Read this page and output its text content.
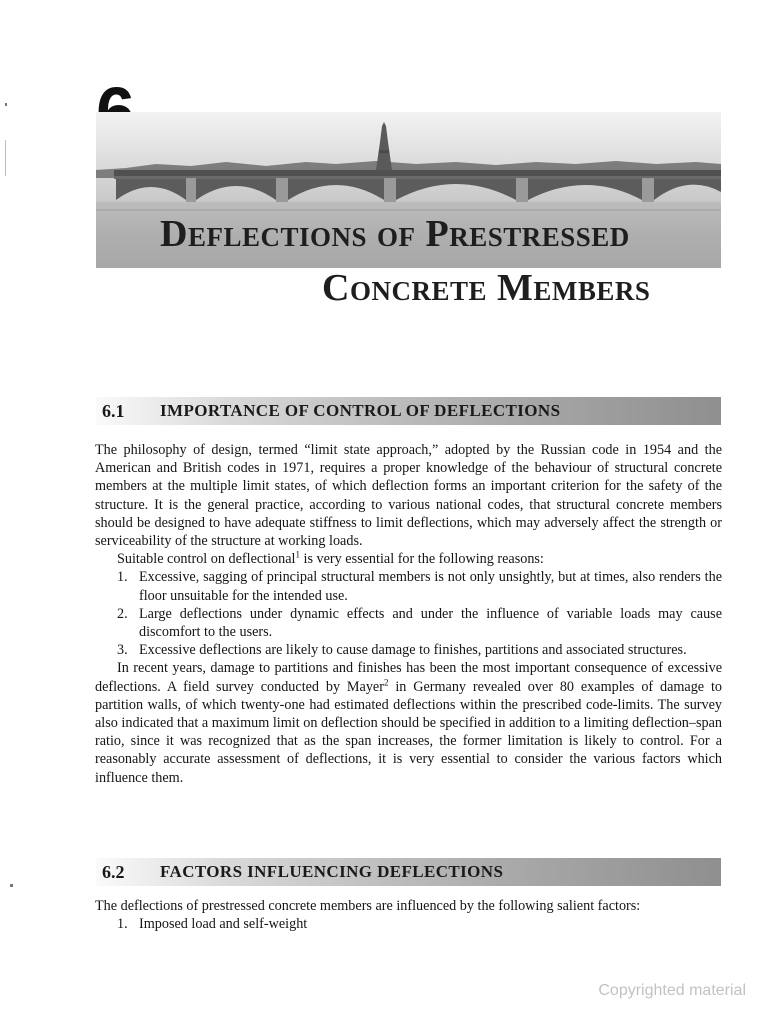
Deflections of Prestressed
Concrete Members
6.1 IMPORTANCE OF CONTROL OF DEFLECTIONS

The philosophy of design, termed “limit state approach,” adopted by the Russian code in 1954 and the American and British codes in 1971, requires a proper knowledge of the behaviour of structural concrete members at the multiple limit states, of which deflection forms an important criterion for the safety of the structure. It is the general practice, according to various national codes, that structural concrete members should be designed to have adequate stiffness to limit deflections, which may adversely affect the strength or serviceability of the structure at working loads.

Suitable control on deflectional$^1$ is very essential for the following reasons:

1. Excessive, sagging of principal structural members is not only unsightly, but at times, also renders the floor unsuitable for the intended use.
2. Large deflections under dynamic effects and under the influence of variable loads may cause discomfort to the users.
3. Excessive deflections are likely to cause damage to finishes, partitions and associated structures.

In recent years, damage to partitions and finishes has been the most important consequence of excessive deflections. A field survey conducted by Mayer$^2$ in Germany revealed over 80 examples of damage to partition walls, of which twenty-one had estimated deflections within the prescribed code-limits. The survey also indicated that a maximum limit on deflection should be specified in addition to a limiting deflection–span ratio, since it was recognized that as the span increases, the former limitation is likely to control. For a reasonably accurate assessment of deflections, it is very essential to consider the various factors which influence them.

6.2 FACTORS INFLUENCING DEFLECTIONS

The deflections of prestressed concrete members are influenced by the following salient factors:

1. Imposed load and self-weight
Copyrighted material
